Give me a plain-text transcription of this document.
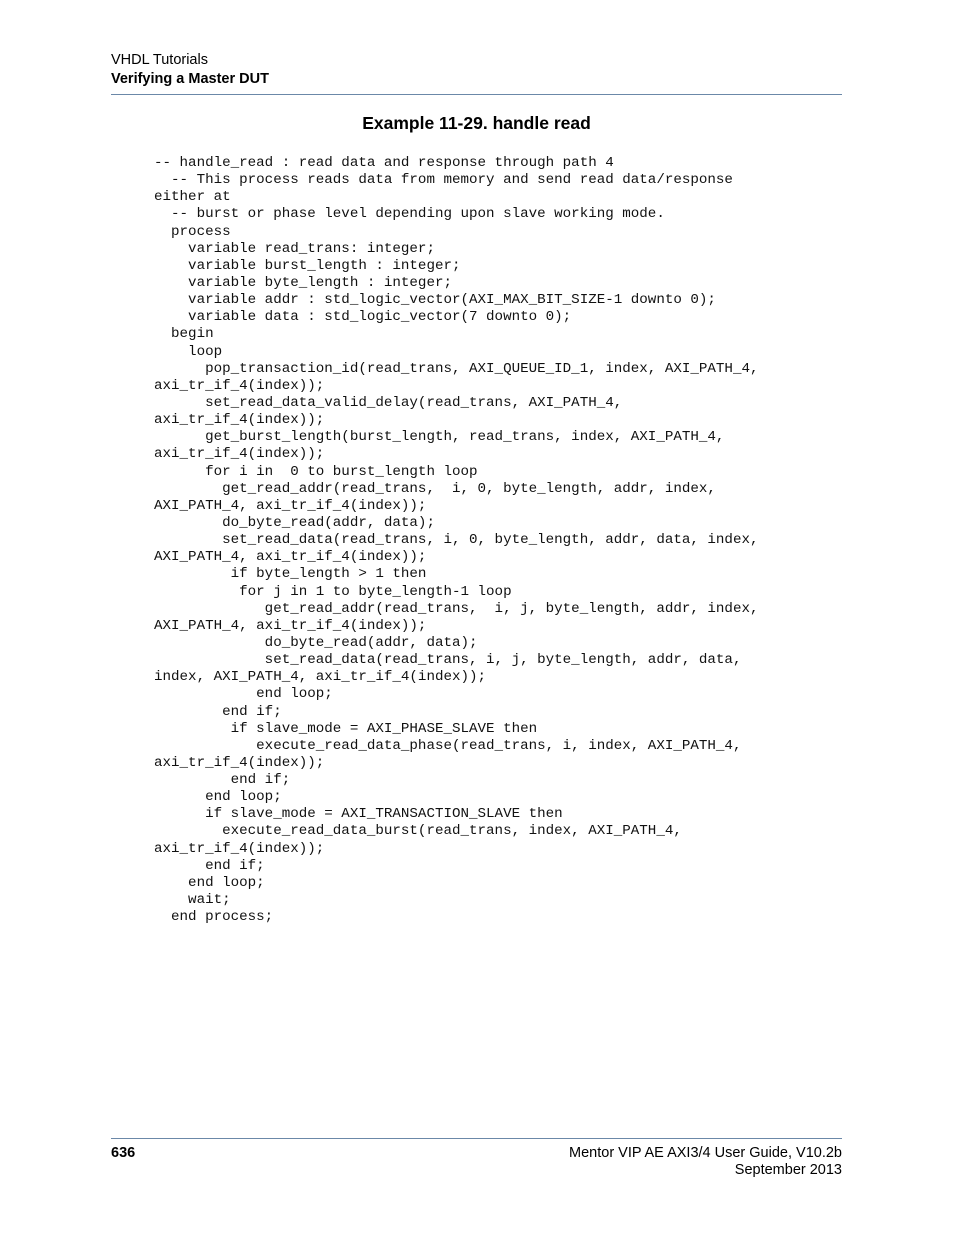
VHDL Tutorials
Verifying a Master DUT
Example 11-29. handle read
-- handle_read : read data and response through path 4
-- This process reads data from memory and send read data/response
either at
-- burst or phase level depending upon slave working mode.
process
variable read_trans: integer;
variable burst_length : integer;
variable byte_length : integer;
variable addr : std_logic_vector(AXI_MAX_BIT_SIZE-1 downto 0);
variable data : std_logic_vector(7 downto 0);
begin
loop
pop_transaction_id(read_trans, AXI_QUEUE_ID_1, index, AXI_PATH_4,
axi_tr_if_4(index));
set_read_data_valid_delay(read_trans, AXI_PATH_4,
axi_tr_if_4(index));
get_burst_length(burst_length, read_trans, index, AXI_PATH_4,
axi_tr_if_4(index));
for i in  0 to burst_length loop
get_read_addr(read_trans,  i, 0, byte_length, addr, index,
AXI_PATH_4, axi_tr_if_4(index));
do_byte_read(addr, data);
set_read_data(read_trans, i, 0, byte_length, addr, data, index,
AXI_PATH_4, axi_tr_if_4(index));
if byte_length > 1 then
for j in 1 to byte_length-1 loop
get_read_addr(read_trans,  i, j, byte_length, addr, index,
AXI_PATH_4, axi_tr_if_4(index));
do_byte_read(addr, data);
set_read_data(read_trans, i, j, byte_length, addr, data,
index, AXI_PATH_4, axi_tr_if_4(index));
end loop;
end if;
if slave_mode = AXI_PHASE_SLAVE then
execute_read_data_phase(read_trans, i, index, AXI_PATH_4,
axi_tr_if_4(index));
end if;
end loop;
if slave_mode = AXI_TRANSACTION_SLAVE then
execute_read_data_burst(read_trans, index, AXI_PATH_4,
axi_tr_if_4(index));
end if;
end loop;
wait;
end process;
636	Mentor VIP AE AXI3/4 User Guide, V10.2b
September 2013
